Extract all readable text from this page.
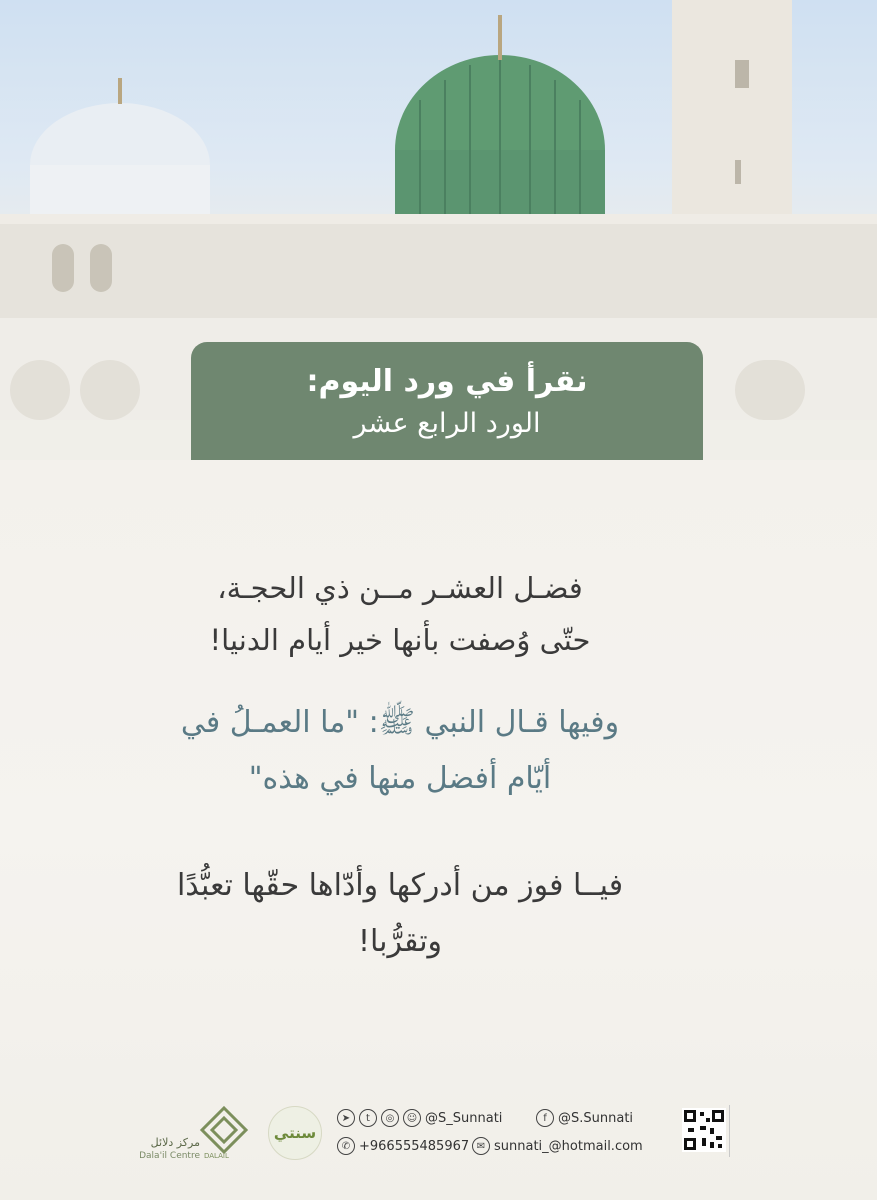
نقرأ في ورد اليوم:
الورد الرابع عشر
فضـل العشـر مــن ذي الحجـة،
حتّى وُصفت بأنها خير أيام الدنيا!
وفيها قـال النبي ﷺ: "ما العمـلُ في
أيّام أفضل منها في هذه"
فيــا فوز من أدركها وأدّاها حقّها تعبُّدًا
وتقرُّبا!
f @S.Sunnati
➤	t	◎	☺ @S_Sunnati
✆ +966555485967 ✉ sunnati_@hotmail.com
سنتي
DALAIL
مركز دلائل
Dala'il Centre
